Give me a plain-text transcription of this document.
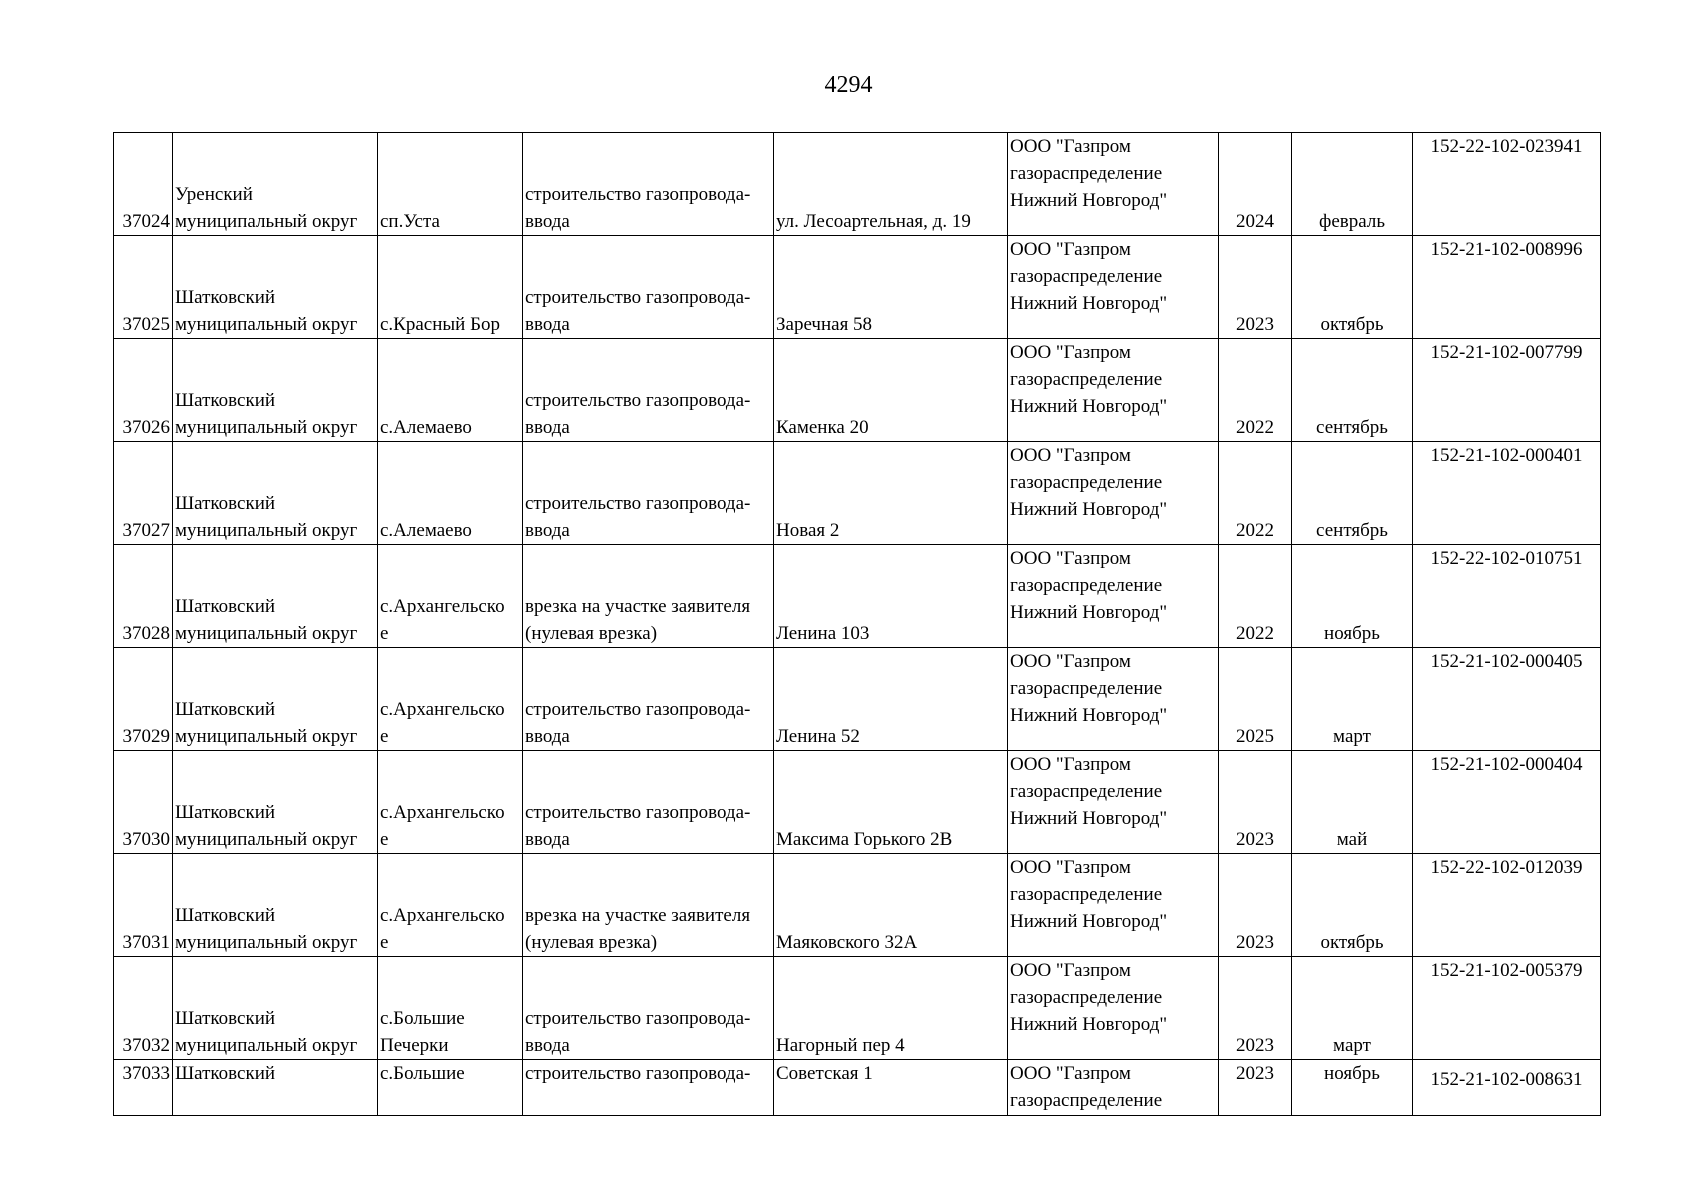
4294
37024	Уренский
муниципальный округ	сп.Уста	строительство газопровода-
ввода	ул. Лесоартельная, д. 19	ООО "Газпром
газораспределение
Нижний Новгород"	2024	февраль	152-22-102-023941

37025	Шатковский
муниципальный округ	с.Красный Бор	строительство газопровода-
ввода	Заречная 58	ООО "Газпром
газораспределение
Нижний Новгород"	2023	октябрь	152-21-102-008996

37026	Шатковский
муниципальный округ	с.Алемаево	строительство газопровода-
ввода	Каменка 20	ООО "Газпром
газораспределение
Нижний Новгород"	2022	сентябрь	152-21-102-007799

37027	Шатковский
муниципальный округ	с.Алемаево	строительство газопровода-
ввода	Новая 2	ООО "Газпром
газораспределение
Нижний Новгород"	2022	сентябрь	152-21-102-000401

37028	Шатковский
муниципальный округ	с.Архангельско
е	врезка на участке заявителя
(нулевая врезка)	Ленина 103	ООО "Газпром
газораспределение
Нижний Новгород"	2022	ноябрь	152-22-102-010751

37029	Шатковский
муниципальный округ	с.Архангельско
е	строительство газопровода-
ввода	Ленина 52	ООО "Газпром
газораспределение
Нижний Новгород"	2025	март	152-21-102-000405

37030	Шатковский
муниципальный округ	с.Архангельско
е	строительство газопровода-
ввода	Максима Горького 2В	ООО "Газпром
газораспределение
Нижний Новгород"	2023	май	152-21-102-000404

37031	Шатковский
муниципальный округ	с.Архангельско
е	врезка на участке заявителя
(нулевая врезка)	Маяковского 32А	ООО "Газпром
газораспределение
Нижний Новгород"	2023	октябрь	152-22-102-012039

37032	Шатковский
муниципальный округ	с.Большие
Печерки	строительство газопровода-
ввода	Нагорный пер 4	ООО "Газпром
газораспределение
Нижний Новгород"	2023	март	152-21-102-005379

37033	Шатковский	с.Большие	строительство газопровода-	Советская 1	ООО "Газпром
газораспределение	2023	ноябрь	152-21-102-008631
